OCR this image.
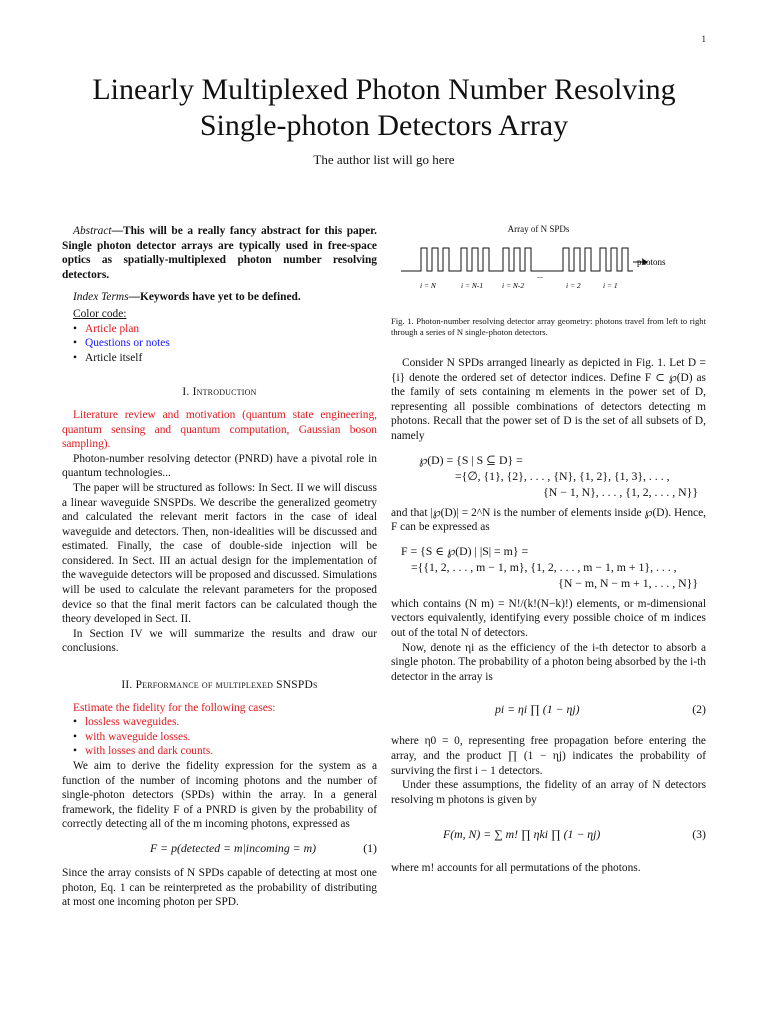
1
Linearly Multiplexed Photon Number Resolving
Single-photon Detectors Array
The author list will go here

Abstract—This will be a really fancy abstract for this paper. Single photon detector arrays are typically used in free-space optics as spatially-multiplexed photon number resolving detectors.

Index Terms—Keywords have yet to be defined.

Color code:

• Article plan
• Questions or notes
• Article itself
I. Introduction

Literature review and motivation (quantum state engineering, quantum sensing and quantum computation, Gaussian boson sampling).

Photon-number resolving detector (PNRD) have a pivotal role in quantum technologies...

The paper will be structured as follows: In Sect. II we will discuss a linear waveguide SNSPDs. We describe the generalized geometry and calculated the relevant merit factors in the case of ideal waveguide and detectors. Then, non-idealities will be discussed and estimated. Finally, the case of double-side injection will be considered. In Sect. III an actual design for the implementation of the waveguide detectors will be proposed and discussed. Simulations will be used to calculate the relevant parameters for the proposed device so that the final merit factors can be calculated though the theory developed in Sect. II.

In Section IV we will summarize the results and draw our conclusions.

II. Performance of multiplexed SNSPDs

Estimate the fidelity for the following cases:

• lossless waveguides.
• with waveguide losses.
• with losses and dark counts.

We aim to derive the fidelity expression for the system as a function of the number of incoming photons and the number of single-photon detectors (SPDs) within the array. In a general framework, the fidelity F of a PNRD is given by the probability of correctly detecting all of the m incoming photons, expressed as

F = p(detected = m|incoming = m)	(1)

Since the array consists of N SPDs capable of detecting at most one photon, Eq. 1 can be reinterpreted as the probability of distributing at most one incoming photon per SPD.

Array of N SPDs
...
photons
i = N	i = N-1	i = N-2	i = 2	i = 1

Fig. 1. Photon-number resolving detector array geometry: photons travel from left to right through a series of N single-photon detectors.

Consider N SPDs arranged linearly as depicted in Fig. 1. Let D = {i} denote the ordered set of detector indices. Define F ⊂ ℘(D) as the family of sets containing m elements in the power set of D, representing all possible combinations of detectors detecting m photons. Recall that the power set of D is the set of all subsets of D, namely

℘(D) = {S | S ⊆ D} =
={∅, {1}, {2}, . . . , {N}, {1, 2}, {1, 3}, . . . ,
{N − 1, N}, . . . , {1, 2, . . . , N}}

and that |℘(D)| = 2^N is the number of elements inside ℘(D). Hence, F can be expressed as

F = {S ∈ ℘(D) | |S| = m} =
={{1, 2, . . . , m − 1, m}, {1, 2, . . . , m − 1, m + 1}, . . . ,
{N − m, N − m + 1, . . . , N}}

which contains (N m) = N!/(k!(N−k)!) elements, or m-dimensional vectors equivalently, identifying every possible choice of m indices out of the total N of detectors.

Now, denote ηi as the efficiency of the i-th detector to absorb a single photon. The probability of a photon being absorbed by the i-th detector in the array is

pi = ηi ∏ (1 − ηj)	(2)

where η0 = 0, representing free propagation before entering the array, and the product ∏ (1 − ηj) indicates the probability of surviving the first i − 1 detectors.

Under these assumptions, the fidelity of an array of N detectors resolving m photons is given by

F(m, N) = ∑ m! ∏ ηki ∏ (1 − ηj)	(3)

where m! accounts for all permutations of the photons.
